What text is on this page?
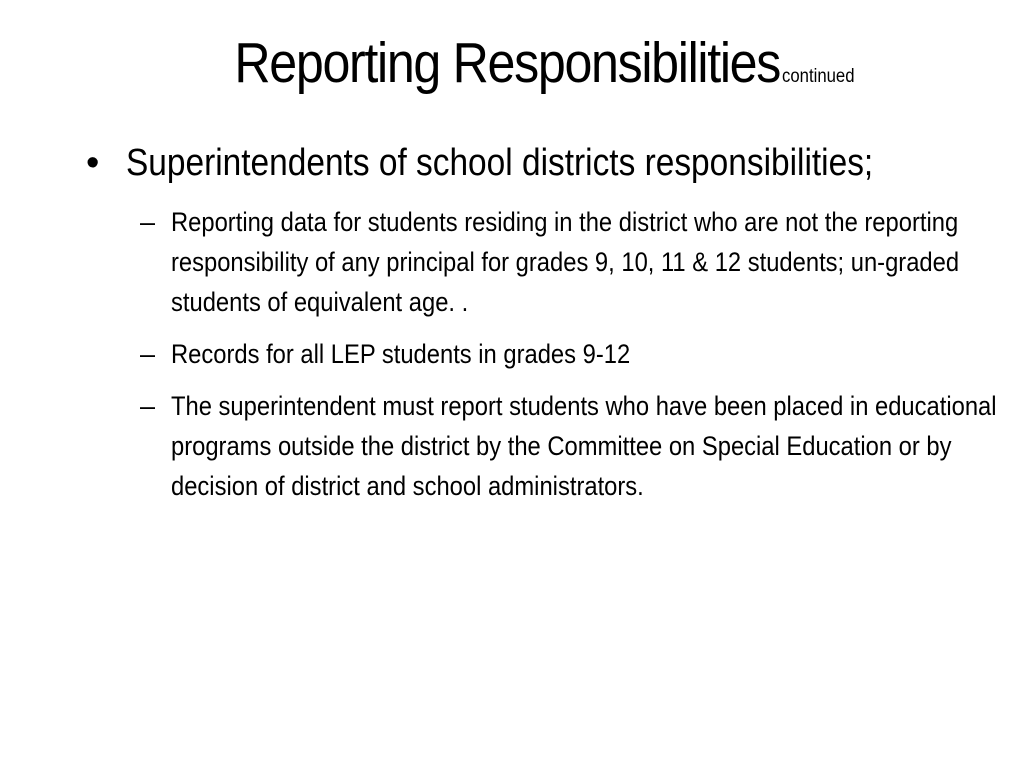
Reporting Responsibilities continued
• Superintendents of school districts responsibilities;
– Reporting data for students residing in the district who are not the reporting responsibility of any principal for grades 9, 10, 11 & 12 students; un-graded students of equivalent age. .
– Records for all LEP students in grades 9-12
– The superintendent must report students who have been placed in educational programs outside the district by the Committee on Special Education or by decision of district and school administrators.
